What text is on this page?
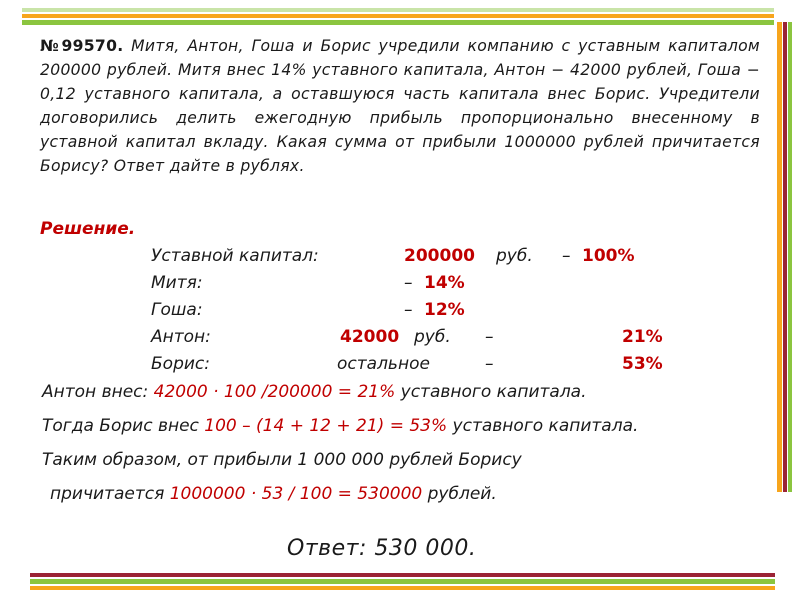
№99570. Митя, Антон, Гоша и Борис учредили компанию с уставным капиталом 200000 рублей. Митя внес 14% уставного капитала, Антон − 42000 рублей, Гоша − 0,12 уставного капитала, а оставшуюся часть капитала внес Борис. Учредители договорились делить ежегодную прибыль пропорционально внесенному в уставной капитал вкладу. Какая сумма от прибыли 1000000 рублей причитается Борису? Ответ дайте в рублях.
Решение.
Уставной капитал:	200000 руб. – 100%
Митя:	– 14%
Гоша:	– 12%
Антон:	42000 руб. –	21%
Борис:	остальное	–	53%
Антон внес: 42000 · 100 /200000 = 21% уставного капитала.
Тогда Борис внес 100 – (14 + 12 + 21) = 53% уставного капитала.
Таким образом, от прибыли 1 000 000 рублей Борису
причитается 1000000 · 53 / 100 = 530000 рублей.
Ответ: 530 000.
